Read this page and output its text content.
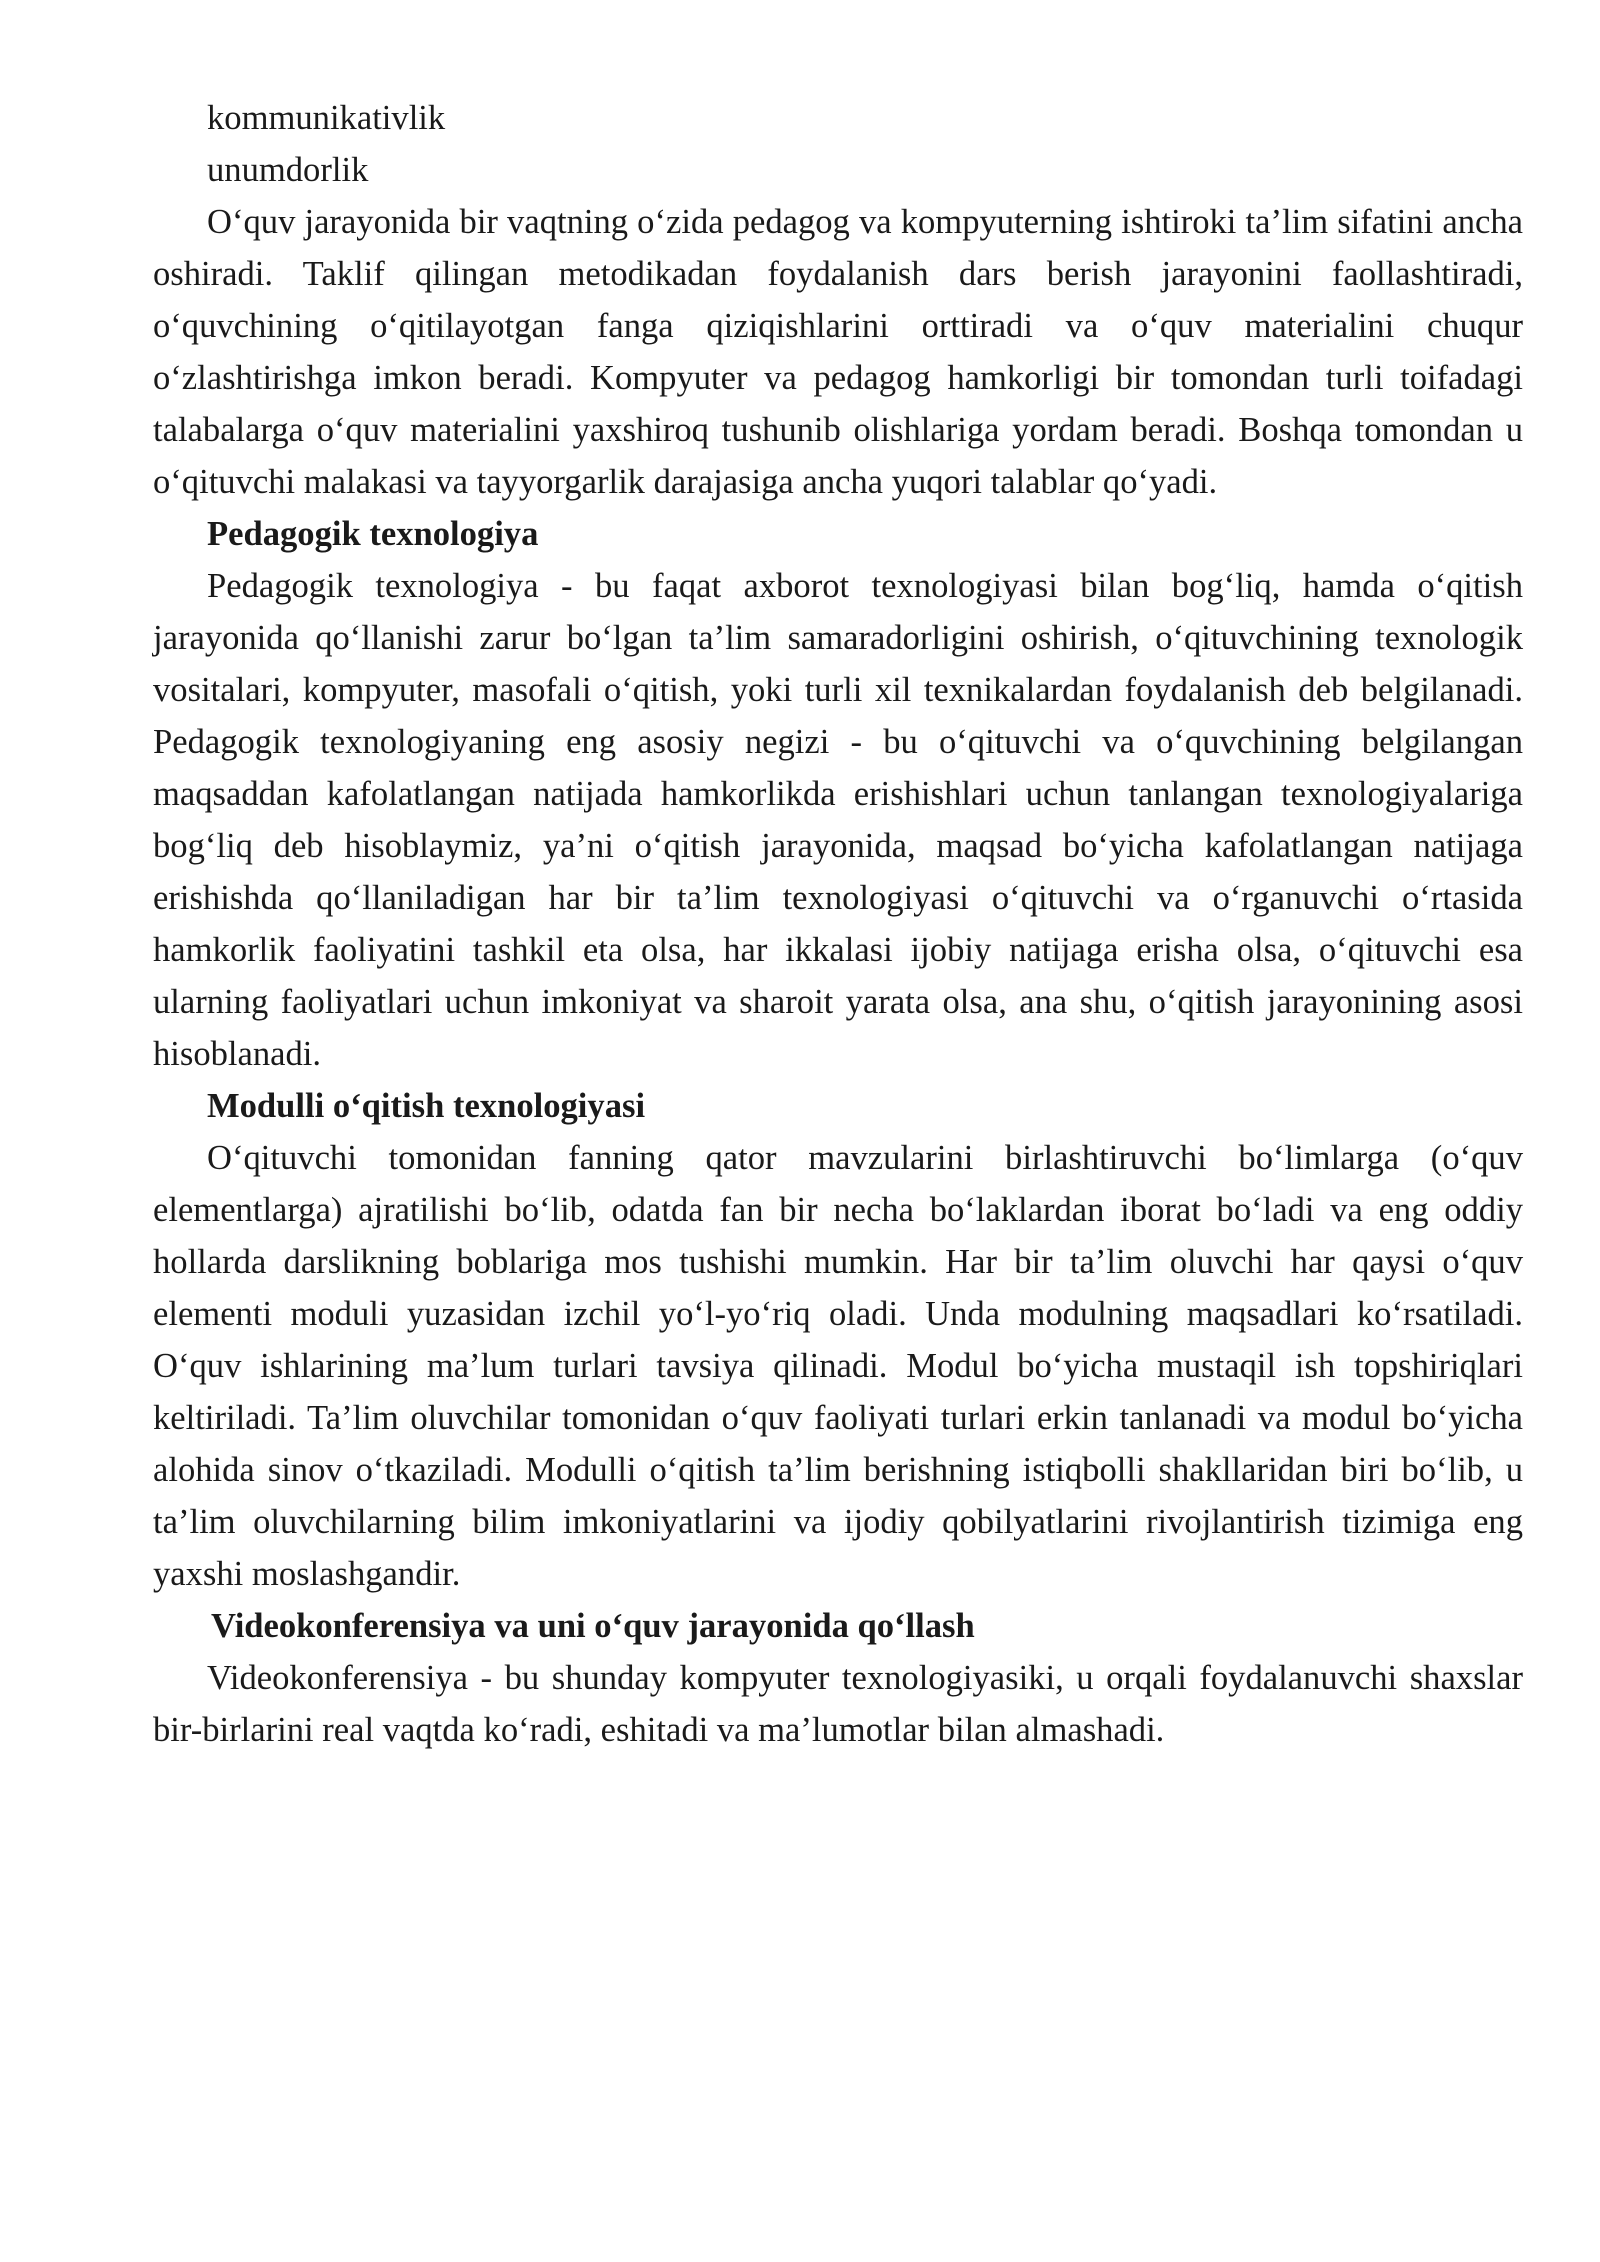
kommunikativlik
unumdorlik

O‘quv jarayonida bir vaqtning o‘zida pedagog va kompyuterning ishtiroki ta’lim sifatini ancha oshiradi. Taklif qilingan metodikadan foydalanish dars berish jarayonini faollashtiradi, o‘quvchining o‘qitilayotgan fanga qiziqishlarini orttiradi va o‘quv materialini chuqur o‘zlashtirishga imkon beradi. Kompyuter va pedagog hamkorligi bir tomondan turli toifadagi talabalarga o‘quv materialini yaxshiroq tushunib olishlariga yordam beradi. Boshqa tomondan u o‘qituvchi malakasi va tayyorgarlik darajasiga ancha yuqori talablar qo‘yadi.

Pedagogik texnologiya

Pedagogik texnologiya - bu faqat axborot texnologiyasi bilan bog‘liq, hamda o‘qitish jarayonida qo‘llanishi zarur bo‘lgan ta’lim samaradorligini oshirish, o‘qituvchining texnologik vositalari, kompyuter, masofali o‘qitish, yoki turli xil texnikalardan foydalanish deb belgilanadi. Pedagogik texnologiyaning eng asosiy negizi - bu o‘qituvchi va o‘quvchining belgilangan maqsaddan kafolatlangan natijada hamkorlikda erishishlari uchun tanlangan texnologiyalariga bog‘liq deb hisoblaymiz, ya’ni o‘qitish jarayonida, maqsad bo‘yicha kafolatlangan natijaga erishishda qo‘llaniladigan har bir ta’lim texnologiyasi o‘qituvchi va o‘rganuvchi o‘rtasida hamkorlik faoliyatini tashkil eta olsa, har ikkalasi ijobiy natijaga erisha olsa, o‘qituvchi esa ularning faoliyatlari uchun imkoniyat va sharoit yarata olsa, ana shu, o‘qitish jarayonining asosi hisoblanadi.

Modulli o‘qitish texnologiyasi

O‘qituvchi tomonidan fanning qator mavzularini birlashtiruvchi bo‘limlarga (o‘quv elementlarga) ajratilishi bo‘lib, odatda fan bir necha bo‘laklardan iborat bo‘ladi va eng oddiy hollarda darslikning boblariga mos tushishi mumkin. Har bir ta’lim oluvchi har qaysi o‘quv elementi moduli yuzasidan izchil yo‘l-yo‘riq oladi. Unda modulning maqsadlari ko‘rsatiladi. O‘quv ishlarining ma’lum turlari tavsiya qilinadi. Modul bo‘yicha mustaqil ish topshiriqlari keltiriladi. Ta’lim oluvchilar tomonidan o‘quv faoliyati turlari erkin tanlanadi va modul bo‘yicha alohida sinov o‘tkaziladi. Modulli o‘qitish ta’lim berishning istiqbolli shakllaridan biri bo‘lib, u ta’lim oluvchilarning bilim imkoniyatlarini va ijodiy qobilyatlarini rivojlantirish tizimiga eng yaxshi moslashgandir.

Videokonferensiya va uni o‘quv jarayonida qo‘llash

Videokonferensiya - bu shunday kompyuter texnologiyasiki, u orqali foydalanuvchi shaxslar bir-birlarini real vaqtda ko‘radi, eshitadi va ma’lumotlar bilan almashadi.
